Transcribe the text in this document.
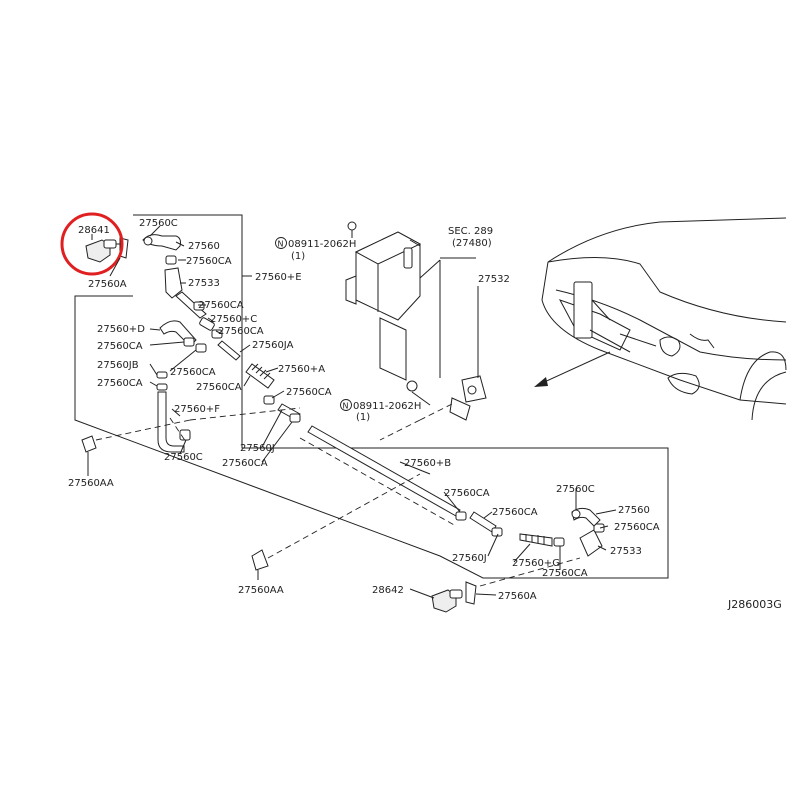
28641
27560A
27560C
27560
27560CA
27533
27560+E
27560CA
27560+C
27560+D	27560CA
27560CA	27560JA
27560JB
27560CA
27560CA	27560CA
27560+A
27560CA
27560+F
27560J
27560C
27560CA
27560AA
27560+B
27560CA
27560CA
27560J	27560+G
27560CA
27560C
27560
27560CA
27533
27560AA	28642
27560A
N 08911-2062H
(1)
N 08911-2062H
(1)
SEC. 289
(27480)
27532
J286003G
